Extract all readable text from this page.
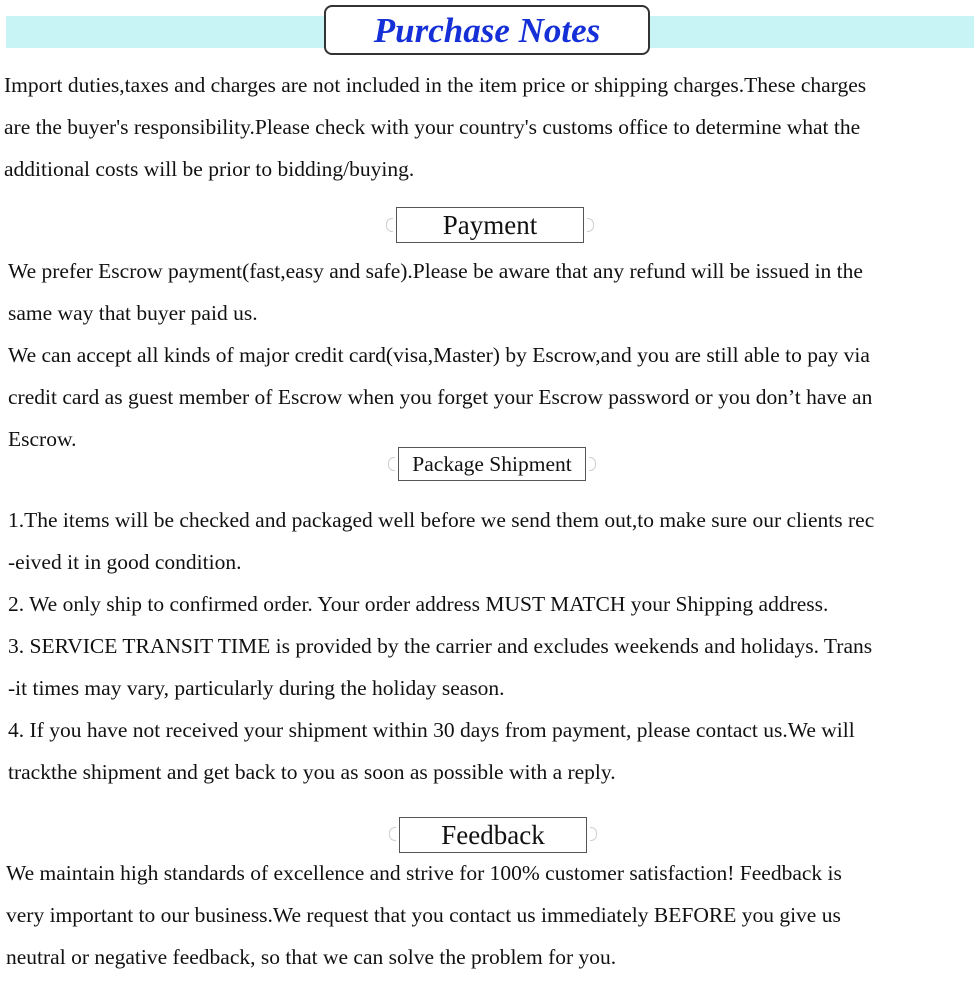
Purchase Notes
Import duties,taxes and charges are not included in the item price or shipping charges.These charges
are the buyer's responsibility.Please check with your country's customs office to determine what the
additional costs will be prior to bidding/buying.
Payment
We prefer Escrow payment(fast,easy and safe).Please be aware that any refund will be issued in the
same way that buyer paid us.
We can accept all kinds of major credit card(visa,Master) by Escrow,and you are still able to pay via
credit card as guest member of Escrow when you forget your Escrow password or you don’t have an
Escrow.
Package Shipment
1.The items will be checked and packaged well before we send them out,to make sure our clients rec
-eived it in good condition.
2. We only ship to confirmed order. Your order address MUST MATCH your Shipping address.
3. SERVICE TRANSIT TIME is provided by the carrier and excludes weekends and holidays. Trans
-it times may vary, particularly during the holiday season.
4. If you have not received your shipment within 30 days from payment, please contact us.We will
trackthe shipment and get back to you as soon as possible with a reply.
Feedback
We maintain high standards of excellence and strive for 100% customer satisfaction! Feedback is
very important to our business.We request that you contact us immediately BEFORE you give us
neutral or negative feedback, so that we can solve the problem for you.
